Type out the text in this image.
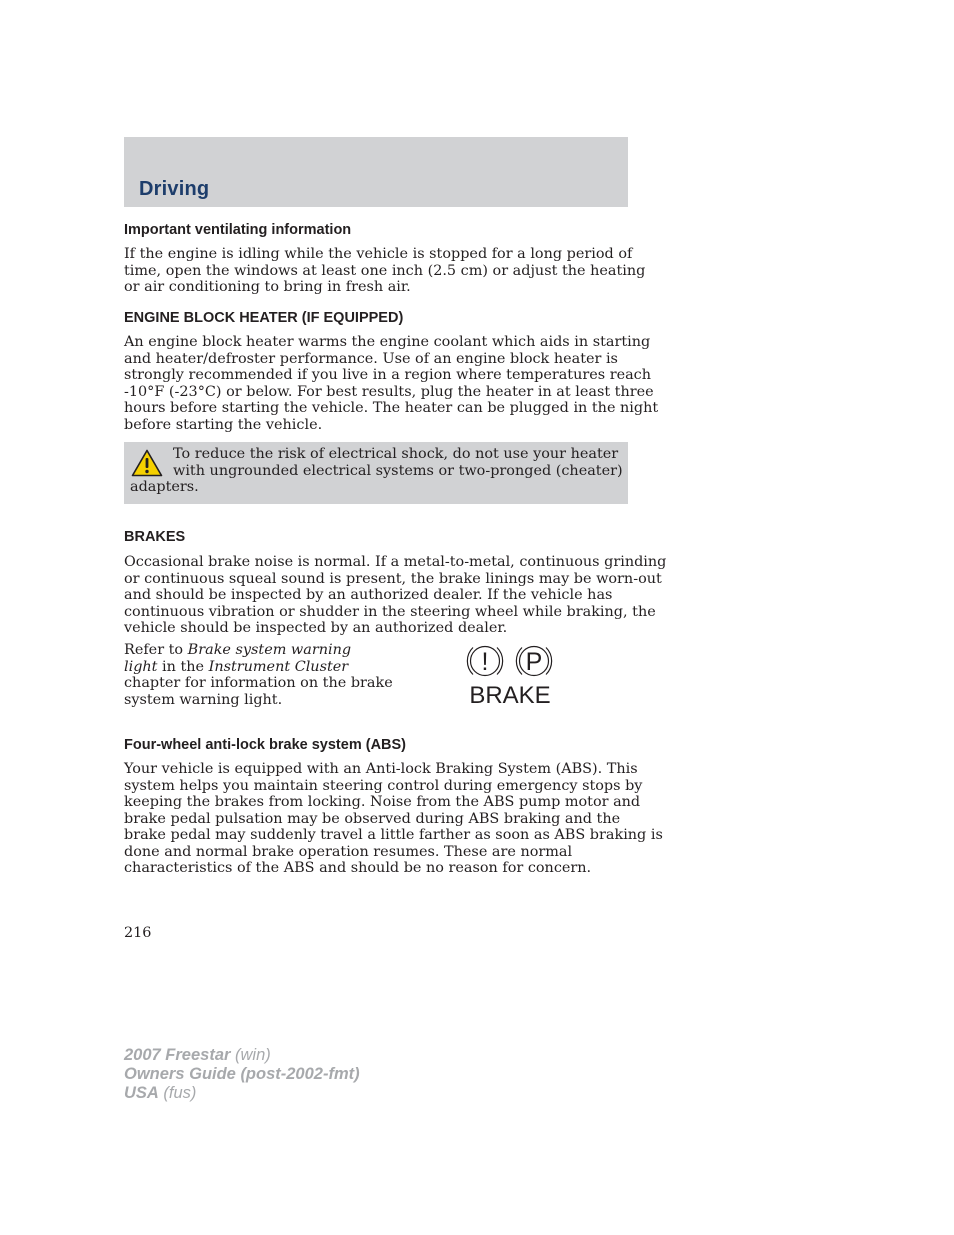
Driving
Important ventilating information
If the engine is idling while the vehicle is stopped for a long period of
time, open the windows at least one inch (2.5 cm) or adjust the heating
or air conditioning to bring in fresh air.
ENGINE BLOCK HEATER (IF EQUIPPED)
An engine block heater warms the engine coolant which aids in starting
and heater/defroster performance. Use of an engine block heater is
strongly recommended if you live in a region where temperatures reach
-10°F (-23°C) or below. For best results, plug the heater in at least three
hours before starting the vehicle. The heater can be plugged in the night
before starting the vehicle.
To reduce the risk of electrical shock, do not use your heater
with ungrounded electrical systems or two-pronged (cheater)
adapters.
BRAKES
Occasional brake noise is normal. If a metal-to-metal, continuous grinding
or continuous squeal sound is present, the brake linings may be worn-out
and should be inspected by an authorized dealer. If the vehicle has
continuous vibration or shudder in the steering wheel while braking, the
vehicle should be inspected by an authorized dealer.
Refer to Brake system warning
light in the Instrument Cluster
chapter for information on the brake
system warning light.
! P
BRAKE
Four-wheel anti-lock brake system (ABS)
Your vehicle is equipped with an Anti-lock Braking System (ABS). This
system helps you maintain steering control during emergency stops by
keeping the brakes from locking. Noise from the ABS pump motor and
brake pedal pulsation may be observed during ABS braking and the
brake pedal may suddenly travel a little farther as soon as ABS braking is
done and normal brake operation resumes. These are normal
characteristics of the ABS and should be no reason for concern.
216
2007 Freestar (win)
Owners Guide (post-2002-fmt)
USA (fus)
